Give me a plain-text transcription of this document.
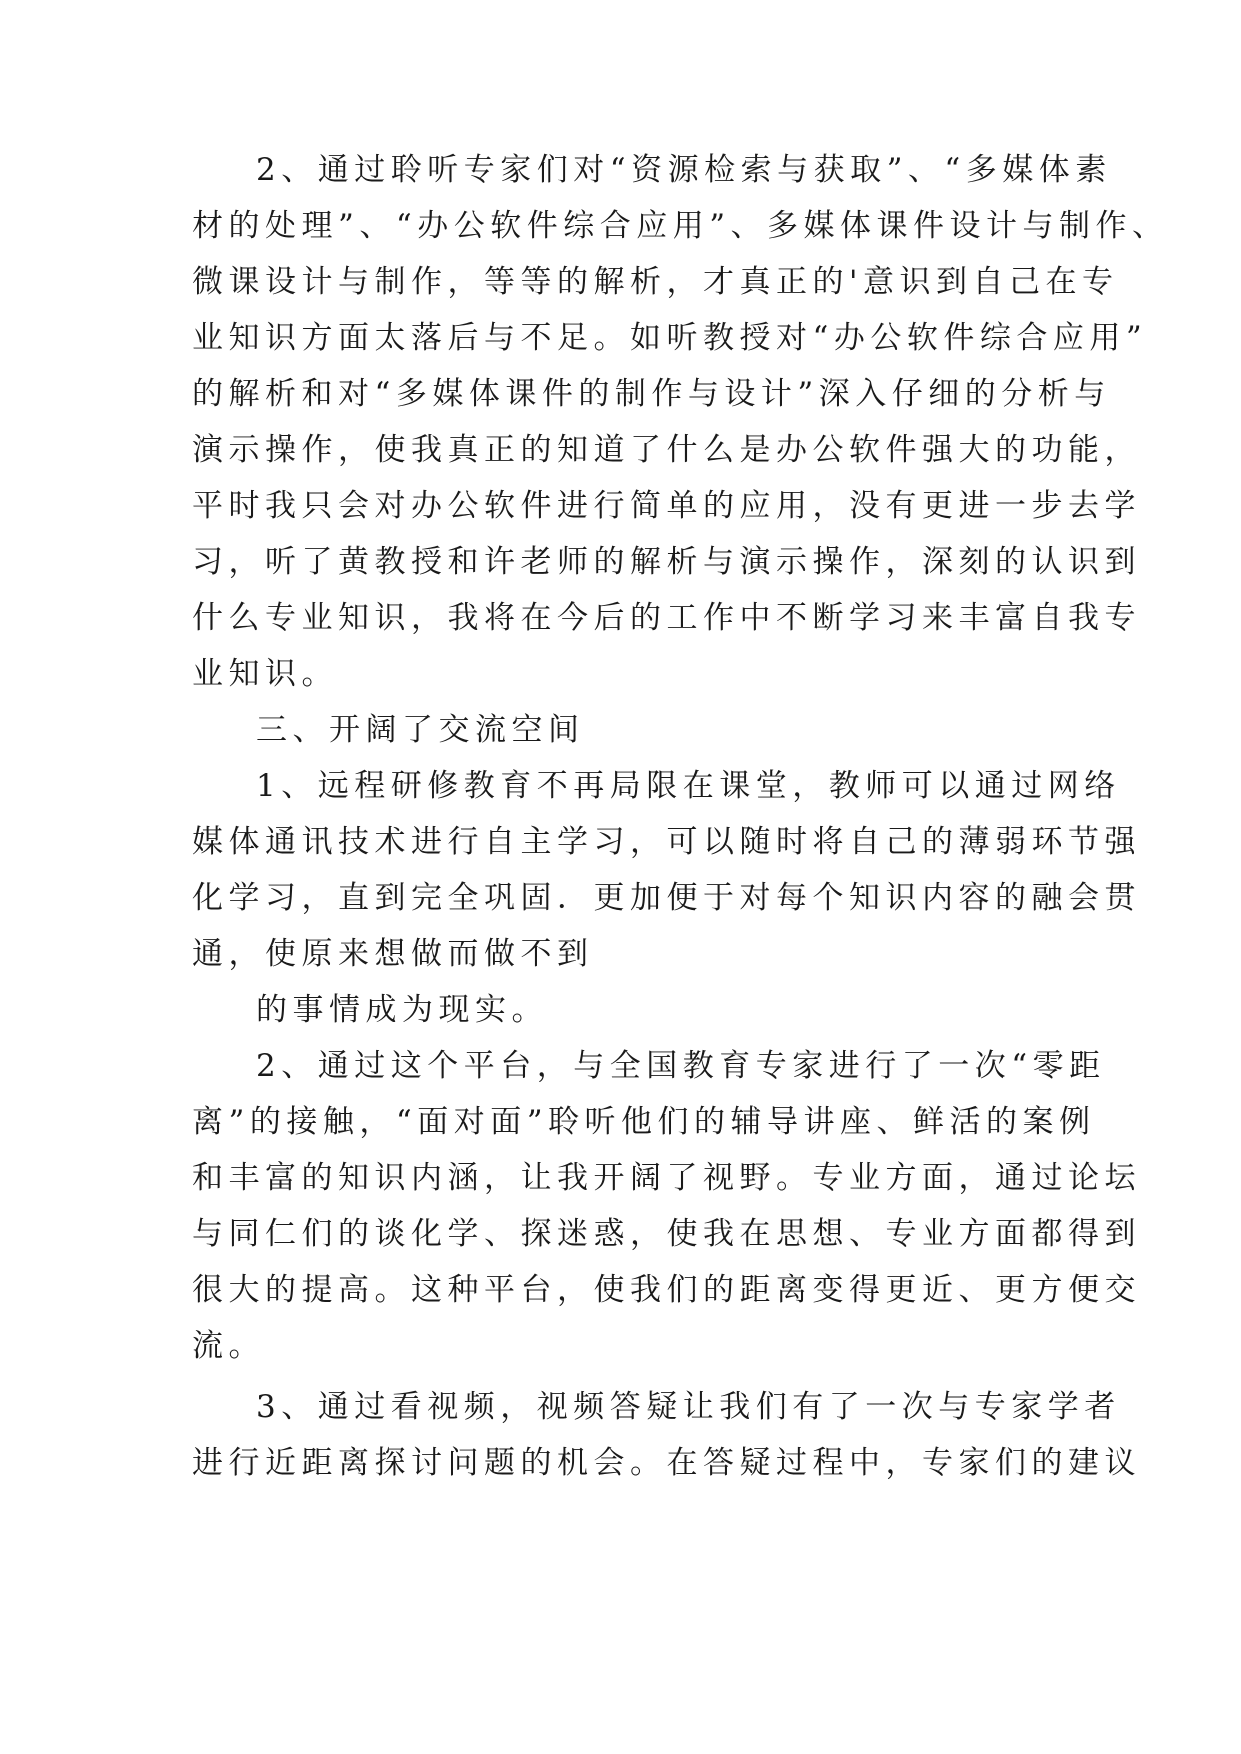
2、通过聆听专家们对“资源检索与获取”、“多媒体素
材的处理”、“办公软件综合应用”、多媒体课件设计与制作、
微课设计与制作，等等的解析，才真正的'意识到自己在专
业知识方面太落后与不足。如听教授对“办公软件综合应用”
的解析和对“多媒体课件的制作与设计”深入仔细的分析与
演示操作，使我真正的知道了什么是办公软件强大的功能，
平时我只会对办公软件进行简单的应用，没有更进一步去学
习，听了黄教授和许老师的解析与演示操作，深刻的认识到
什么专业知识，我将在今后的工作中不断学习来丰富自我专
业知识。
三、开阔了交流空间
1、远程研修教育不再局限在课堂，教师可以通过网络
媒体通讯技术进行自主学习，可以随时将自己的薄弱环节强
化学习，直到完全巩固．更加便于对每个知识内容的融会贯
通，使原来想做而做不到
的事情成为现实。
2、通过这个平台，与全国教育专家进行了一次“零距
离”的接触，“面对面”聆听他们的辅导讲座、鲜活的案例
和丰富的知识内涵，让我开阔了视野。专业方面，通过论坛
与同仁们的谈化学、探迷惑，使我在思想、专业方面都得到
很大的提高。这种平台，使我们的距离变得更近、更方便交
流。
3、通过看视频，视频答疑让我们有了一次与专家学者
进行近距离探讨问题的机会。在答疑过程中，专家们的建议
